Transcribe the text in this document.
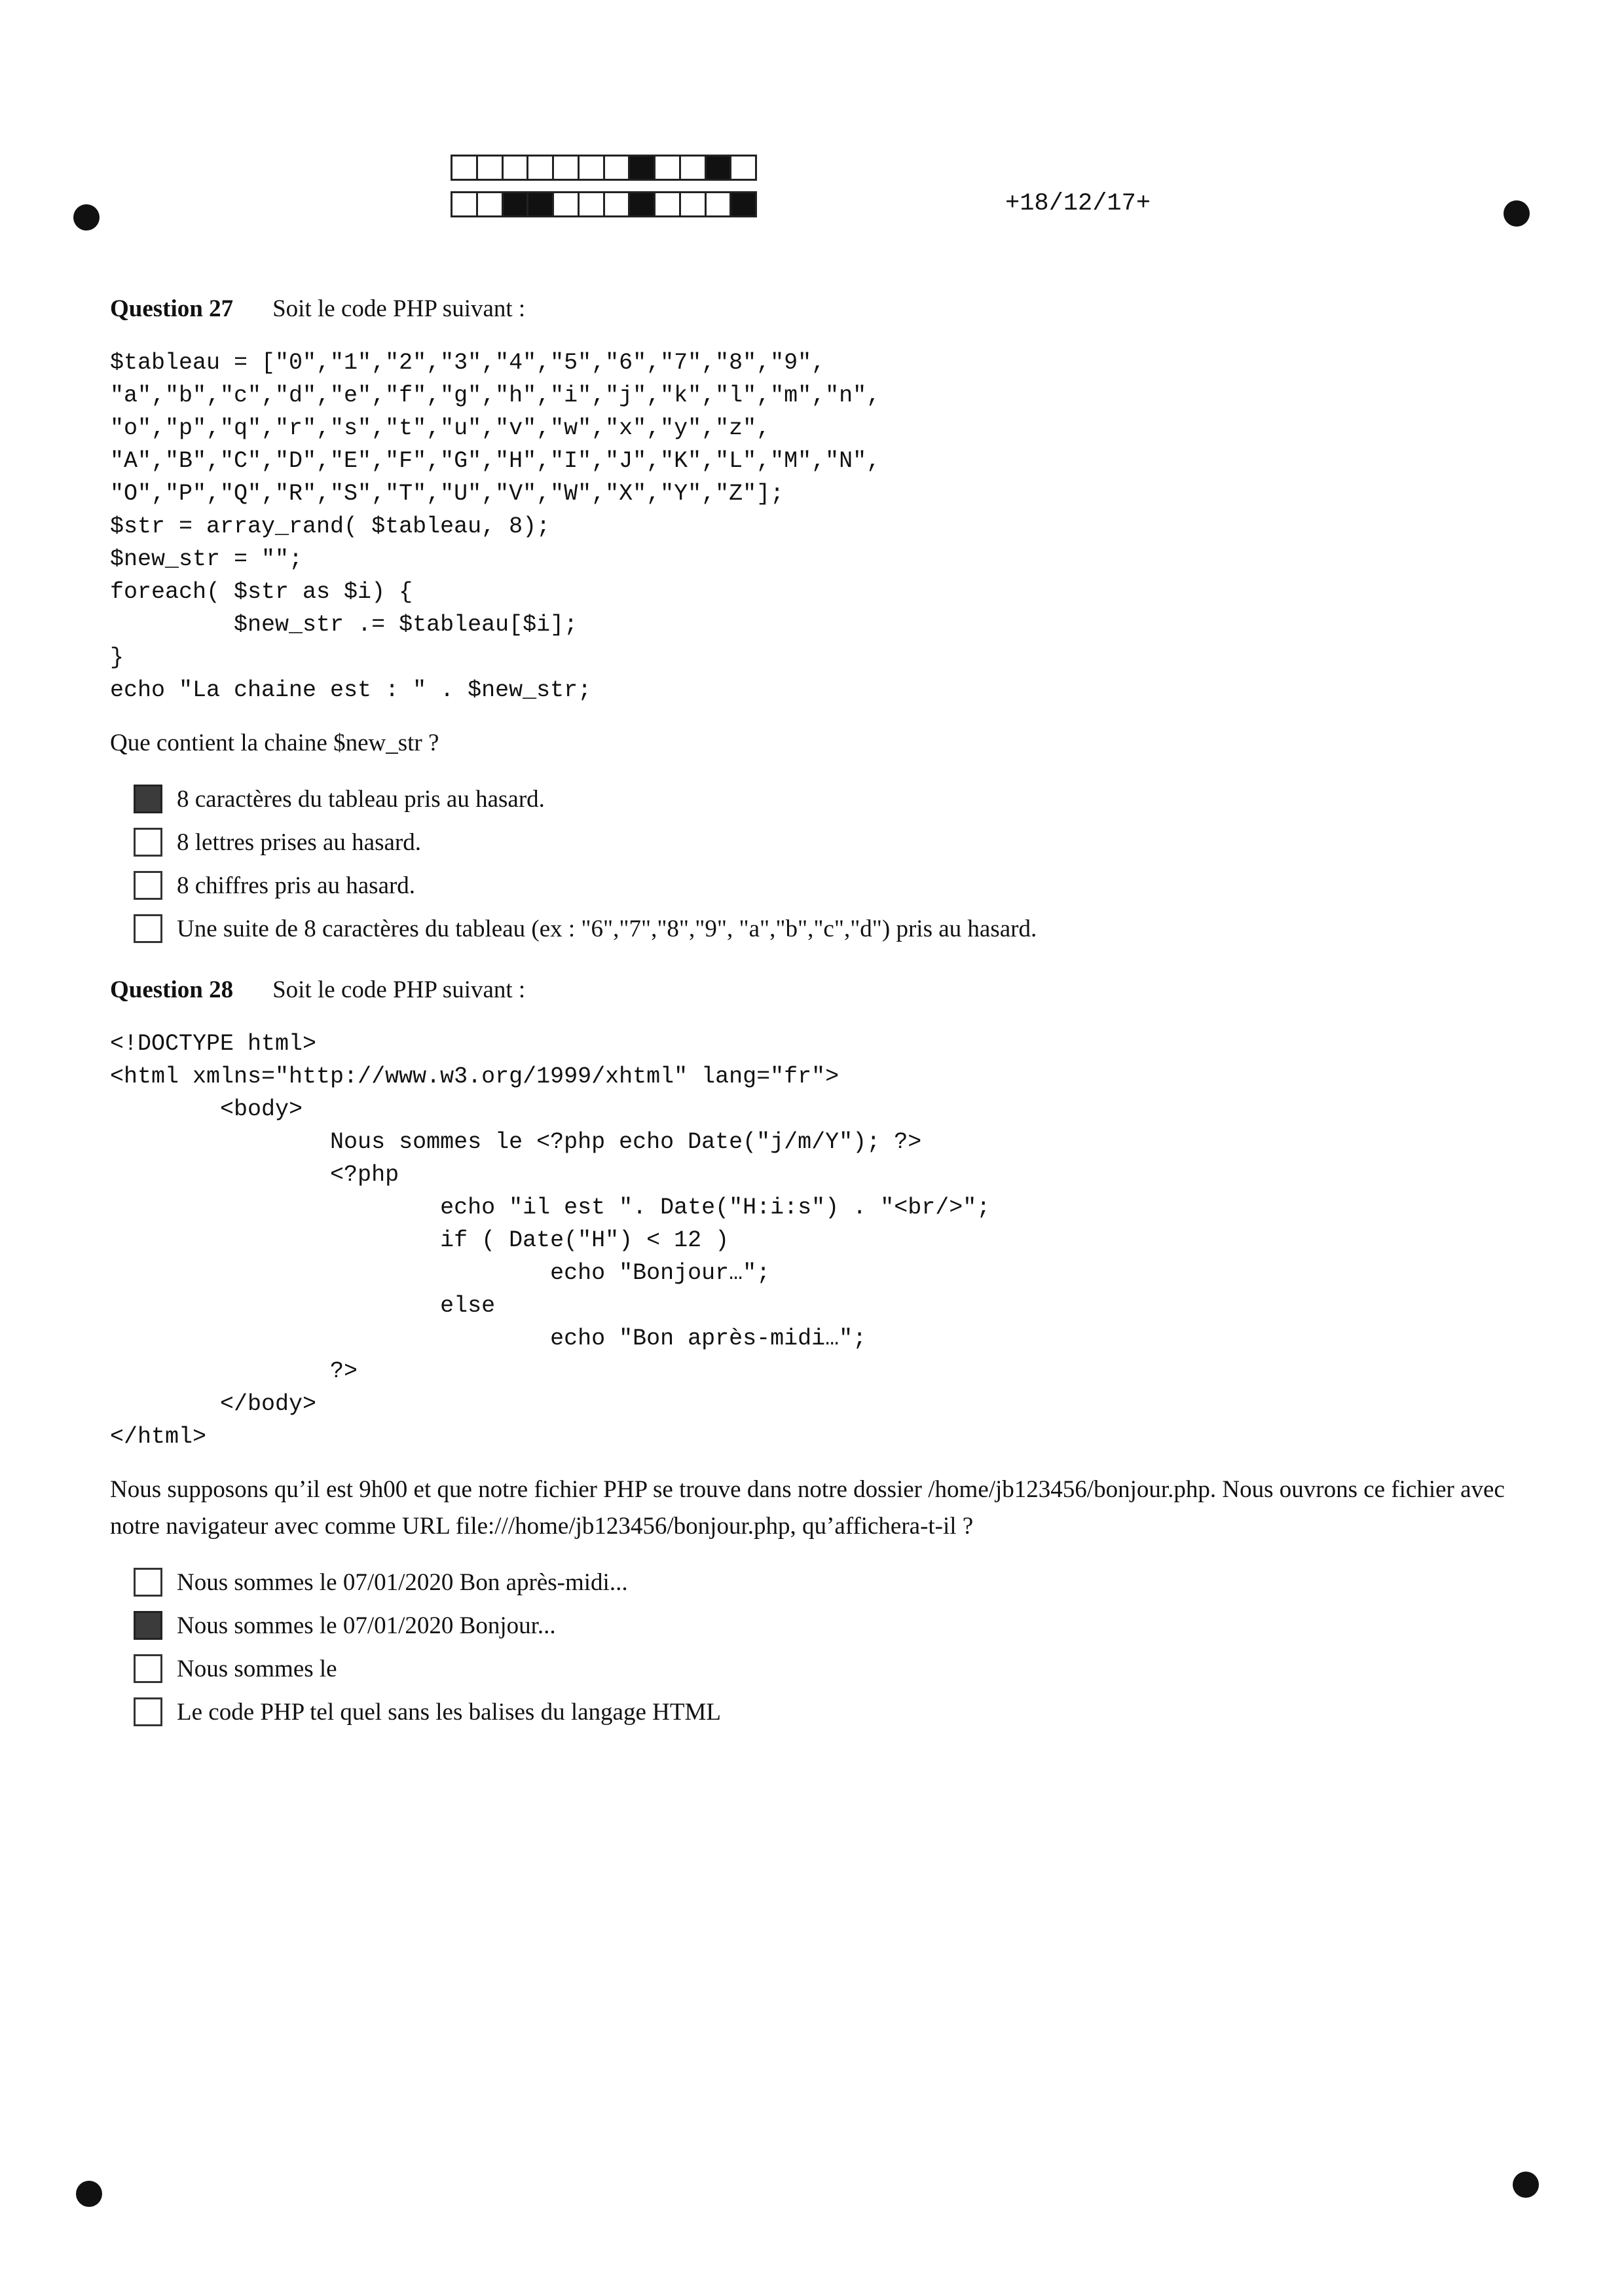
+18/12/17+
Question 27 Soit le code PHP suivant :
$tableau = ["0","1","2","3","4","5","6","7","8","9",
"a","b","c","d","e","f","g","h","i","j","k","l","m","n",
"o","p","q","r","s","t","u","v","w","x","y","z",
"A","B","C","D","E","F","G","H","I","J","K","L","M","N",
"O","P","Q","R","S","T","U","V","W","X","Y","Z"];
$str = array_rand( $tableau, 8);
$new_str = "";
foreach( $str as $i) {
$new_str .= $tableau[$i];
}
echo "La chaine est : " . $new_str;
Que contient la chaine $new_str ?
8 caractères du tableau pris au hasard.
8 lettres prises au hasard.
8 chiffres pris au hasard.
Une suite de 8 caractères du tableau (ex : "6","7","8","9", "a","b","c","d") pris au hasard.
Question 28 Soit le code PHP suivant :
<!DOCTYPE html>
<html xmlns="http://www.w3.org/1999/xhtml" lang="fr">
<body>
Nous sommes le <?php echo Date("j/m/Y"); ?>
<?php
echo "il est ". Date("H:i:s") . "<br/>";
if ( Date("H") < 12 )
echo "Bonjour…";
else
echo "Bon après-midi…";
?>
</body>
</html>
Nous supposons qu’il est 9h00 et que notre fichier PHP se trouve dans notre dossier /home/jb123456/bonjour.php. Nous ouvrons ce fichier avec notre navigateur avec comme URL file:///home/jb123456/bonjour.php, qu’affichera-t-il ?
Nous sommes le 07/01/2020 Bon après-midi...
Nous sommes le 07/01/2020 Bonjour...
Nous sommes le
Le code PHP tel quel sans les balises du langage HTML
